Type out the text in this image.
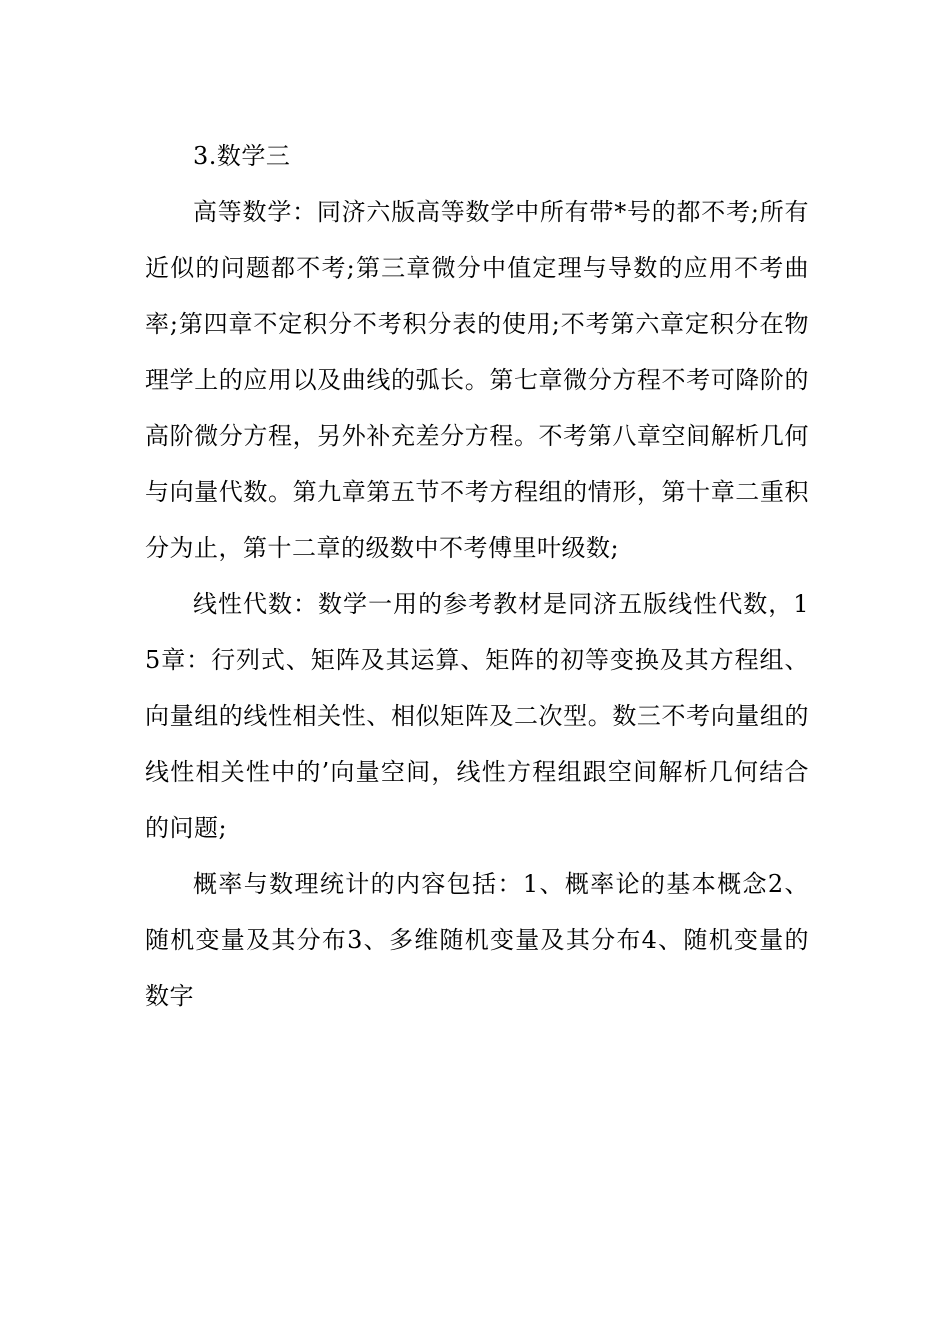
3.数学三

高等数学：同济六版高等数学中所有带*号的都不考;所有近似的问题都不考;第三章微分中值定理与导数的应用不考曲率;第四章不定积分不考积分表的使用;不考第六章定积分在物理学上的应用以及曲线的弧长。第七章微分方程不考可降阶的高阶微分方程，另外补充差分方程。不考第八章空间解析几何与向量代数。第九章第五节不考方程组的情形，第十章二重积分为止，第十二章的级数中不考傅里叶级数;

线性代数：数学一用的参考教材是同济五版线性代数，15章：行列式、矩阵及其运算、矩阵的初等变换及其方程组、向量组的线性相关性、相似矩阵及二次型。数三不考向量组的线性相关性中的’向量空间，线性方程组跟空间解析几何结合的问题;

概率与数理统计的内容包括：1、概率论的基本概念2、随机变量及其分布3、多维随机变量及其分布4、随机变量的数字
